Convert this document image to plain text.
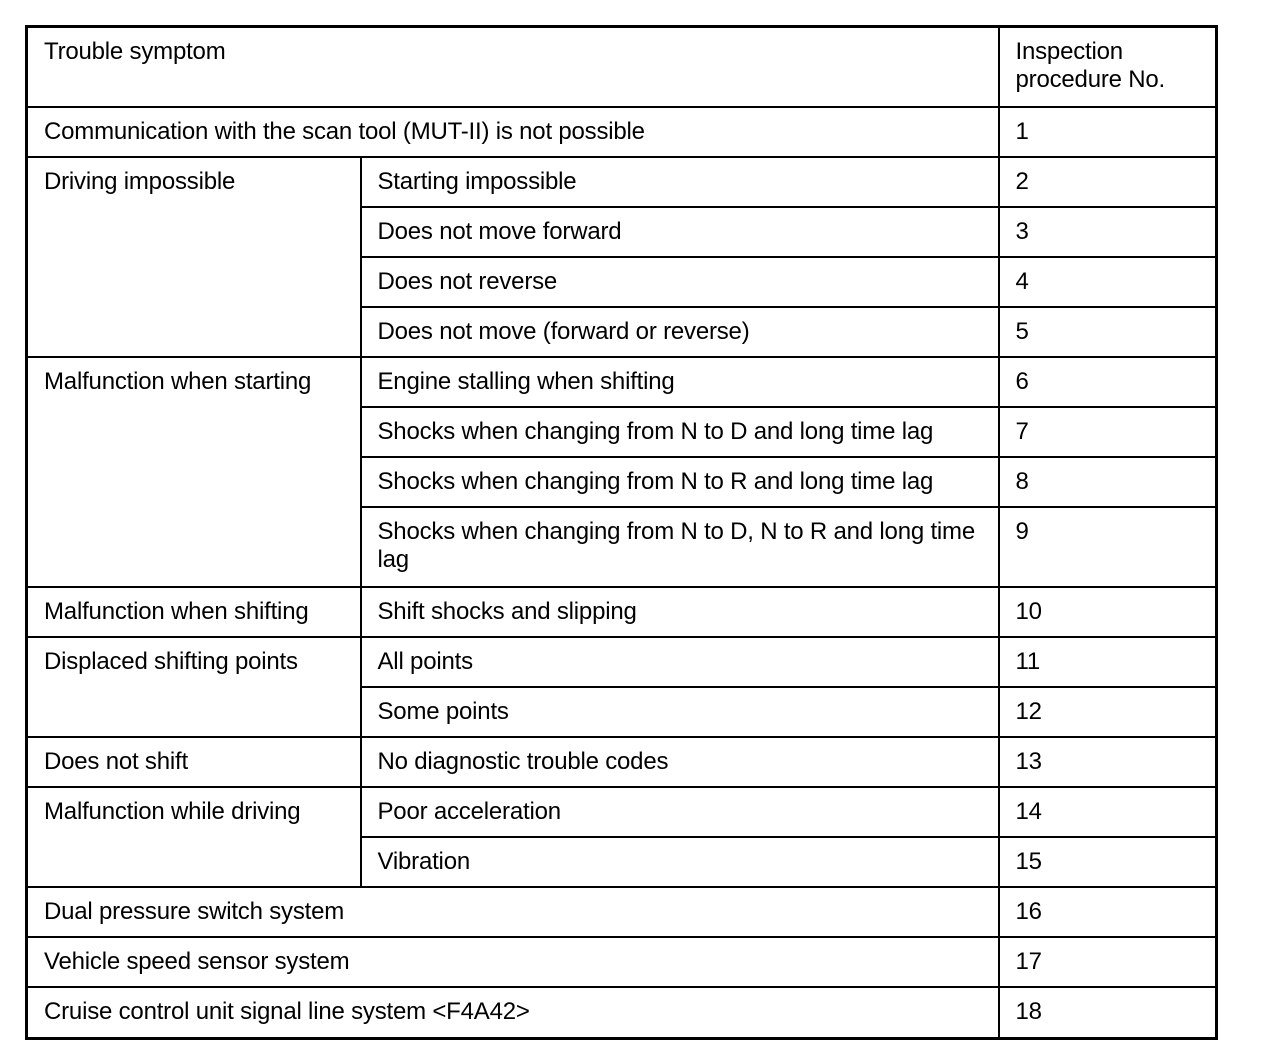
Trouble symptom		Inspection procedure No.
Communication with the scan tool (MUT-II) is not possible		1
Driving impossible	Starting impossible	2
	Does not move forward	3
	Does not reverse	4
	Does not move (forward or reverse)	5
Malfunction when starting	Engine stalling when shifting	6
	Shocks when changing from N to D and long time lag	7
	Shocks when changing from N to R and long time lag	8
	Shocks when changing from N to D, N to R and long time lag	9
Malfunction when shifting	Shift shocks and slipping	10
Displaced shifting points	All points	11
	Some points	12
Does not shift	No diagnostic trouble codes	13
Malfunction while driving	Poor acceleration	14
	Vibration	15
Dual pressure switch system		16
Vehicle speed sensor system		17
Cruise control unit signal line system <F4A42>		18
